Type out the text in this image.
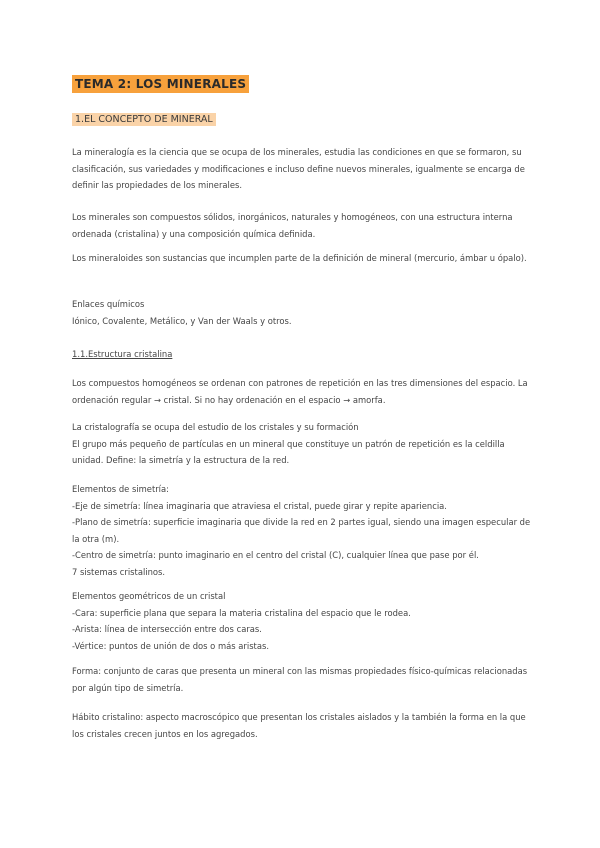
TEMA 2: LOS MINERALES
1.EL CONCEPTO DE MINERAL

La mineralogía es la ciencia que se ocupa de los minerales, estudia las condiciones en que se formaron, su clasificación, sus variedades y modificaciones e incluso define nuevos minerales, igualmente se encarga de definir las propiedades de los minerales.

Los minerales son compuestos sólidos, inorgánicos, naturales y homogéneos, con una estructura interna ordenada (cristalina) y una composición química definida.

Los mineraloides son sustancias que incumplen parte de la definición de mineral (mercurio, ámbar u ópalo).

Enlaces químicos

Iónico, Covalente, Metálico, y Van der Waals y otros.

1.1.Estructura cristalina

Los compuestos homogéneos se ordenan con patrones de repetición en las tres dimensiones del espacio. La ordenación regular → cristal. Si no hay ordenación en el espacio → amorfa.

La cristalografía se ocupa del estudio de los cristales y su formación

El grupo más pequeño de partículas en un mineral que constituye un patrón de repetición es la celdilla unidad. Define: la simetría y la estructura de la red.

Elementos de simetría:

-Eje de simetría: línea imaginaria que atraviesa el cristal, puede girar y repite apariencia.

-Plano de simetría: superficie imaginaria que divide la red en 2 partes igual, siendo una imagen especular de la otra (m).

-Centro de simetría: punto imaginario en el centro del cristal (C), cualquier línea que pase por él.

7 sistemas cristalinos.

Elementos geométricos de un cristal

-Cara: superficie plana que separa la materia cristalina del espacio que le rodea.

-Arista: línea de intersección entre dos caras.

-Vértice: puntos de unión de dos o más aristas.

Forma: conjunto de caras que presenta un mineral con las mismas propiedades físico-químicas relacionadas por algún tipo de simetría.

Hábito cristalino: aspecto macroscópico que presentan los cristales aislados y la también la forma en la que los cristales crecen juntos en los agregados.
